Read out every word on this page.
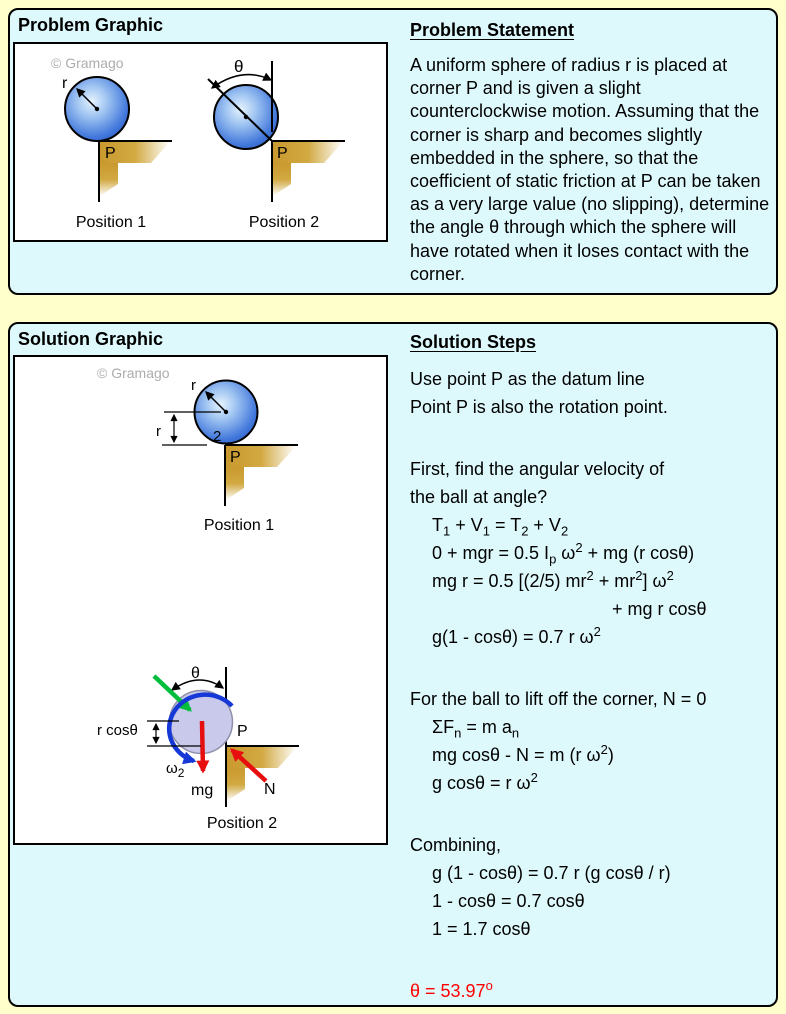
Problem Graphic
© Gramago
r
P
Position 1
θ
P
Position 2
Problem Statement
A uniform sphere of radius r is placed at corner P and is given a slight counterclockwise motion. Assuming that the corner is sharp and becomes slightly embedded in the sphere, so that the coefficient of static friction at P can be taken as a very large value (no slipping), determine the angle θ through which the sphere will have rotated when it loses contact with the corner.
Solution Graphic
© Gramago
r
r	2
P
Position 1
θ
r cosθ
$\omega_2$
mg	N
P
Position 2
Solution Steps
Use point P as the datum line
Point P is also the rotation point.
First, find the angular velocity of
the ball at angle?
$T_1 + V_1 = T_2 + V_2$
0 + mgr = 0.5 $I_p$ $\omega^2$ + mg (r cosθ)
mg r = 0.5 [(2/5) $mr^2 + mr^2$] $\omega^2$
+ mg r cosθ
g(1 - cosθ) = 0.7 r $\omega^2$
For the ball to lift off the corner, N = 0
$\Sigma F_n = m$ $a_n$
mg cosθ - N = m (r $\omega^2$)
g cosθ = r $\omega^2$
Combining,
g (1 - cosθ) = 0.7 r (g cosθ / r)
1 - cosθ = 0.7 cosθ
1 = 1.7 cosθ
$\theta = 53.97^o$
